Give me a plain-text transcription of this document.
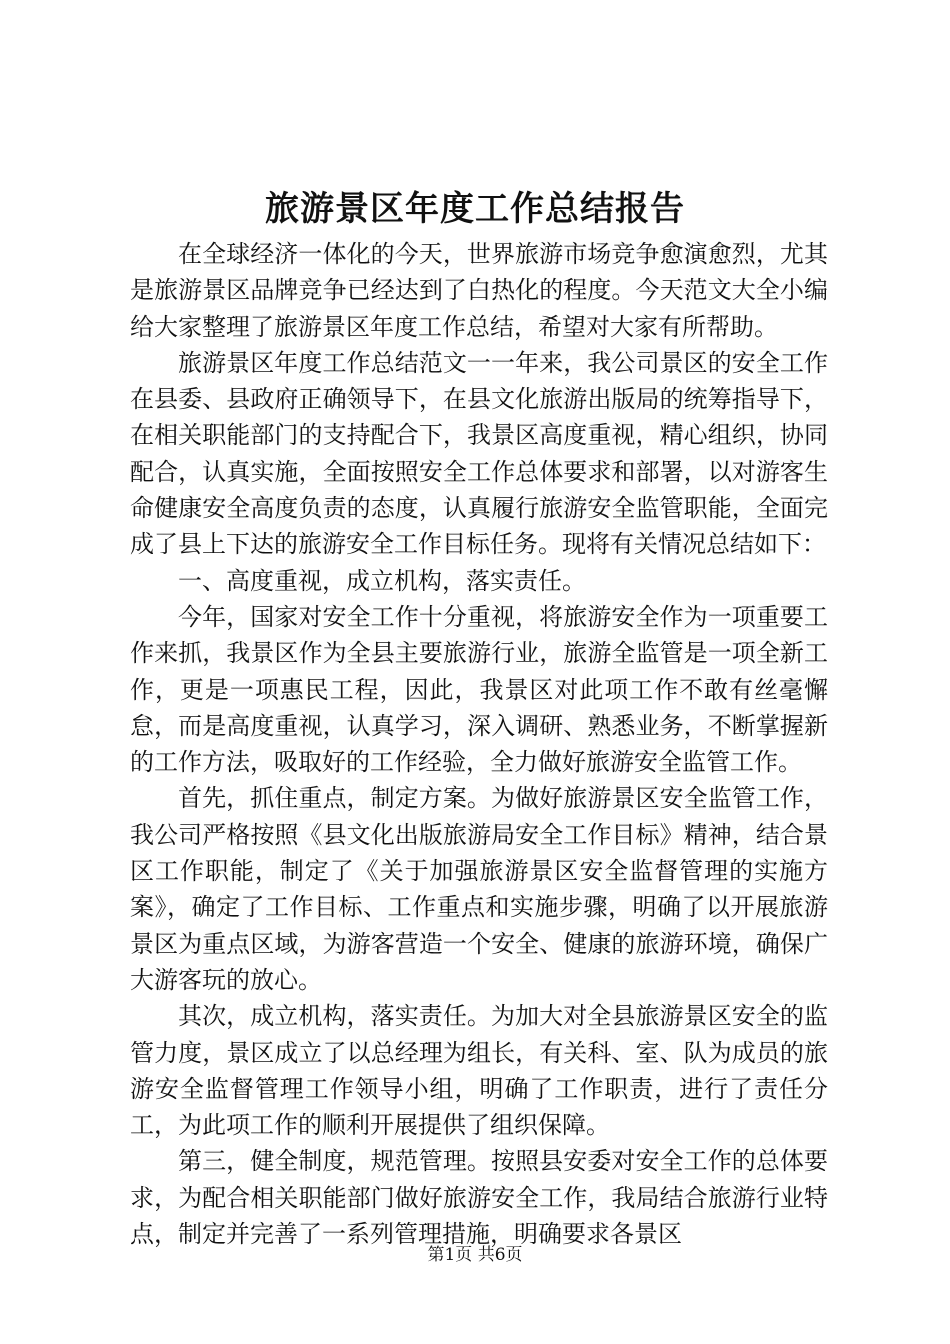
旅游景区年度工作总结报告

在全球经济一体化的今天，世界旅游市场竞争愈演愈烈，尤其是旅游景区品牌竞争已经达到了白热化的程度。今天范文大全小编给大家整理了旅游景区年度工作总结，希望对大家有所帮助。

旅游景区年度工作总结范文一一年来，我公司景区的安全工作在县委、县政府正确领导下，在县文化旅游出版局的统筹指导下，在相关职能部门的支持配合下，我景区高度重视，精心组织，协同配合，认真实施，全面按照安全工作总体要求和部署，以对游客生命健康安全高度负责的态度，认真履行旅游安全监管职能，全面完成了县上下达的旅游安全工作目标任务。现将有关情况总结如下：

一、高度重视，成立机构，落实责任。

今年，国家对安全工作十分重视，将旅游安全作为一项重要工作来抓，我景区作为全县主要旅游行业，旅游全监管是一项全新工作，更是一项惠民工程，因此，我景区对此项工作不敢有丝毫懈怠，而是高度重视，认真学习，深入调研、熟悉业务，不断掌握新的工作方法，吸取好的工作经验，全力做好旅游安全监管工作。

首先，抓住重点，制定方案。为做好旅游景区安全监管工作，我公司严格按照《县文化出版旅游局安全工作目标》精神，结合景区工作职能，制定了《关于加强旅游景区安全监督管理的实施方案》，确定了工作目标、工作重点和实施步骤，明确了以开展旅游景区为重点区域，为游客营造一个安全、健康的旅游环境，确保广大游客玩的放心。

其次，成立机构，落实责任。为加大对全县旅游景区安全的监管力度，景区成立了以总经理为组长，有关科、室、队为成员的旅游安全监督管理工作领导小组，明确了工作职责，进行了责任分工，为此项工作的顺利开展提供了组织保障。

第三，健全制度，规范管理。按照县安委对安全工作的总体要求，为配合相关职能部门做好旅游安全工作，我局结合旅游行业特点，制定并完善了一系列管理措施，明确要求各景区

第1页 共6页
